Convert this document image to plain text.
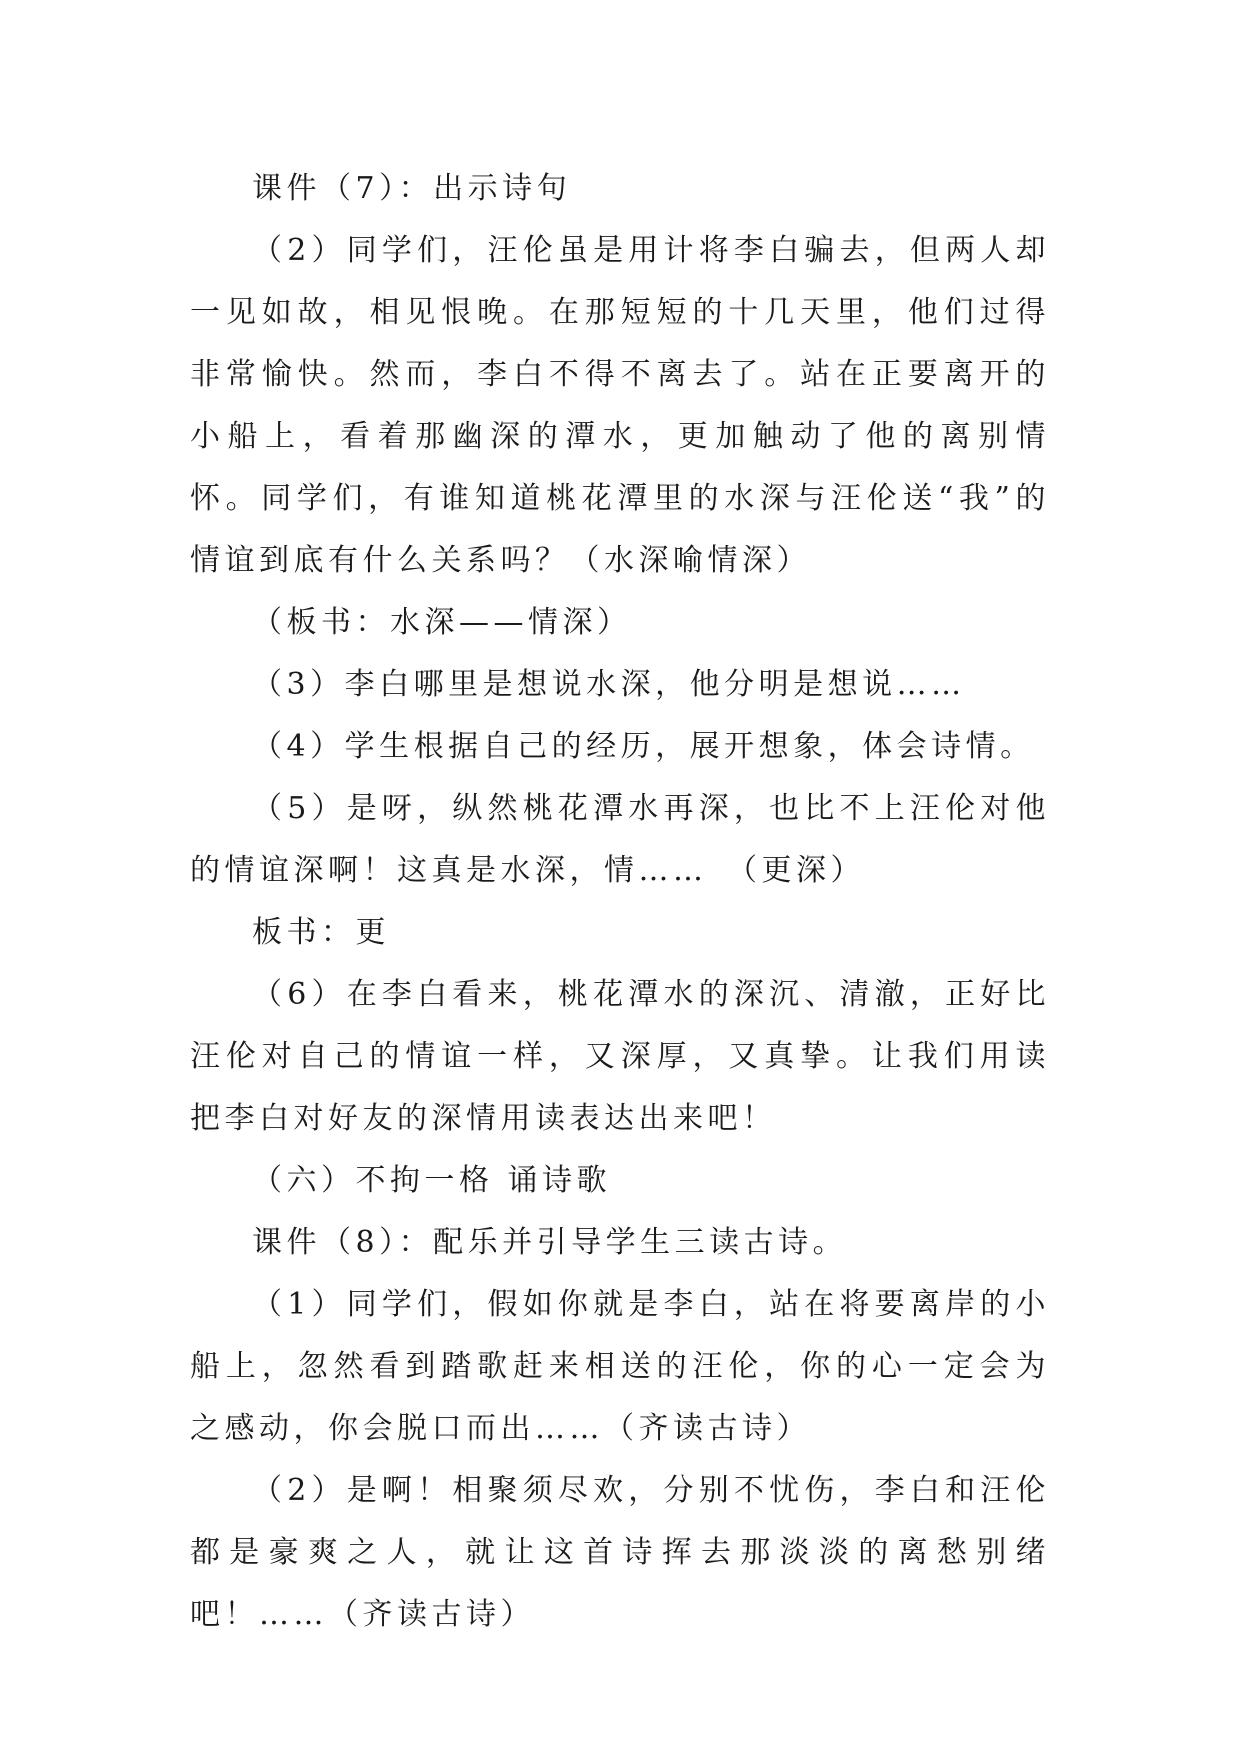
课件（7）：出示诗句

（2）同学们，汪伦虽是用计将李白骗去，但两人却一见如故，相见恨晚。在那短短的十几天里，他们过得非常愉快。然而，李白不得不离去了。站在正要离开的小船上，看着那幽深的潭水，更加触动了他的离别情怀。同学们，有谁知道桃花潭里的水深与汪伦送“我”的情谊到底有什么关系吗？（水深喻情深）

（板书：水深——情深）

（3）李白哪里是想说水深，他分明是想说……

（4）学生根据自己的经历，展开想象，体会诗情。

（5）是呀，纵然桃花潭水再深，也比不上汪伦对他的情谊深啊！这真是水深，情……　（更深）

板书：更

（6）在李白看来，桃花潭水的深沉、清澈，正好比汪伦对自己的情谊一样，又深厚，又真挚。让我们用读把李白对好友的深情用读表达出来吧！

（六）不拘一格 诵诗歌

课件（8）：配乐并引导学生三读古诗。

（1）同学们，假如你就是李白，站在将要离岸的小船上，忽然看到踏歌赶来相送的汪伦，你的心一定会为之感动，你会脱口而出……（齐读古诗）

（2）是啊！相聚须尽欢，分别不忧伤，李白和汪伦都是豪爽之人，就让这首诗挥去那淡淡的离愁别绪吧！……（齐读古诗）
